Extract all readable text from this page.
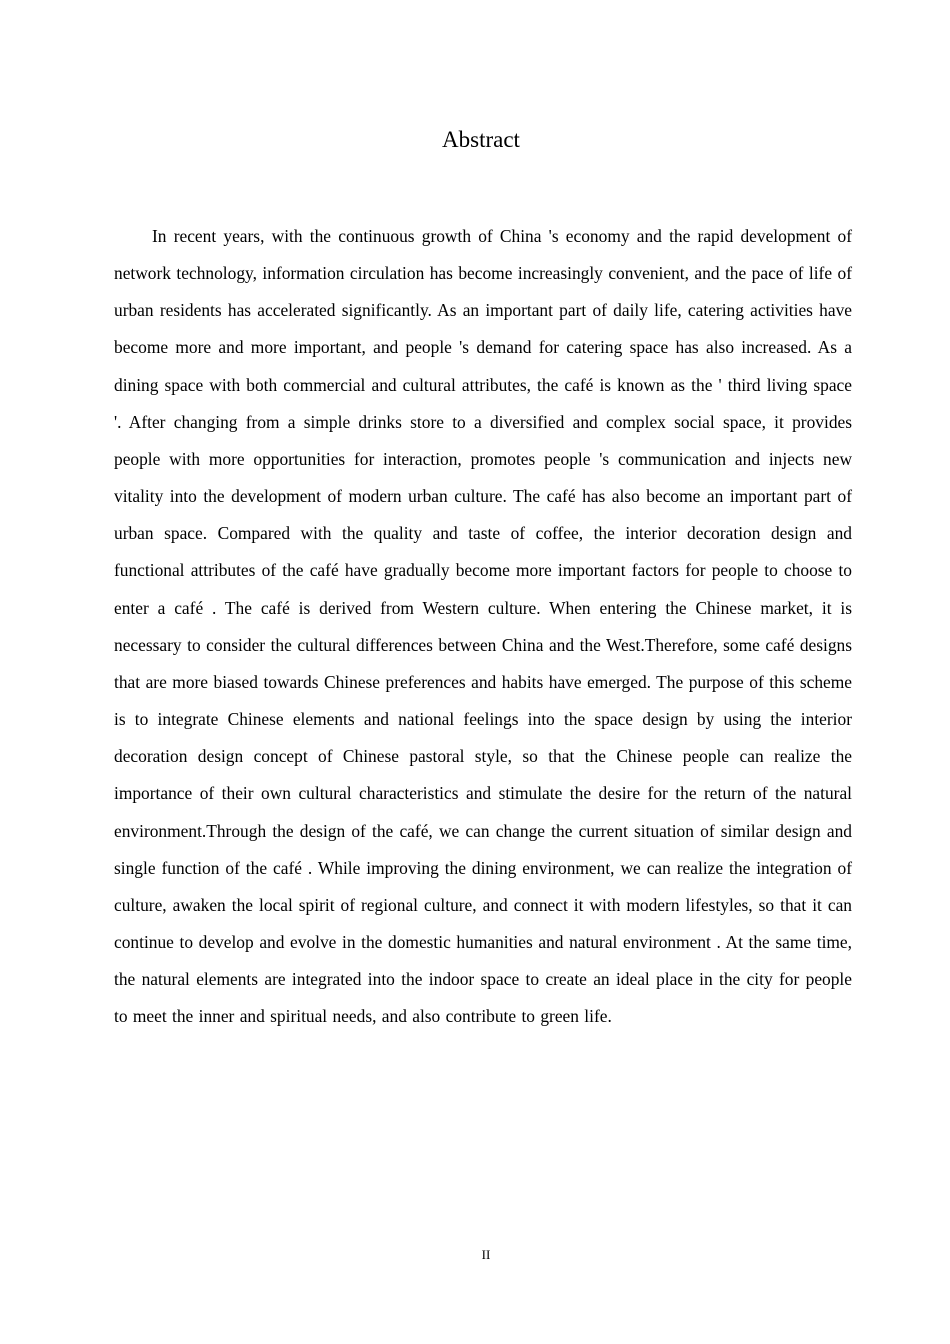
Abstract

In recent years, with the continuous growth of China 's economy and the rapid development of network technology, information circulation has become increasingly convenient, and the pace of life of urban residents has accelerated significantly. As an important part of daily life, catering activities have become more and more important, and people 's demand for catering space has also increased. As a dining space with both commercial and cultural attributes, the café is known as the ' third living space '. After changing from a simple drinks store to a diversified and complex social space, it provides people with more opportunities for interaction, promotes people 's communication and injects new vitality into the development of modern urban culture. The café has also become an important part of urban space. Compared with the quality and taste of coffee, the interior decoration design and functional attributes of the café have gradually become more important factors for people to choose to enter a café . The café is derived from Western culture. When entering the Chinese market, it is necessary to consider the cultural differences between China and the West.Therefore, some café designs that are more biased towards Chinese preferences and habits have emerged. The purpose of this scheme is to integrate Chinese elements and national feelings into the space design by using the interior decoration design concept of Chinese pastoral style, so that the Chinese people can realize the importance of their own cultural characteristics and stimulate the desire for the return of the natural environment.Through the design of the café, we can change the current situation of similar design and single function of the café . While improving the dining environment, we can realize the integration of culture, awaken the local spirit of regional culture, and connect it with modern lifestyles, so that it can continue to develop and evolve in the domestic humanities and natural environment . At the same time, the natural elements are integrated into the indoor space to create an ideal place in the city for people to meet the inner and spiritual needs, and also contribute to green life.

II
